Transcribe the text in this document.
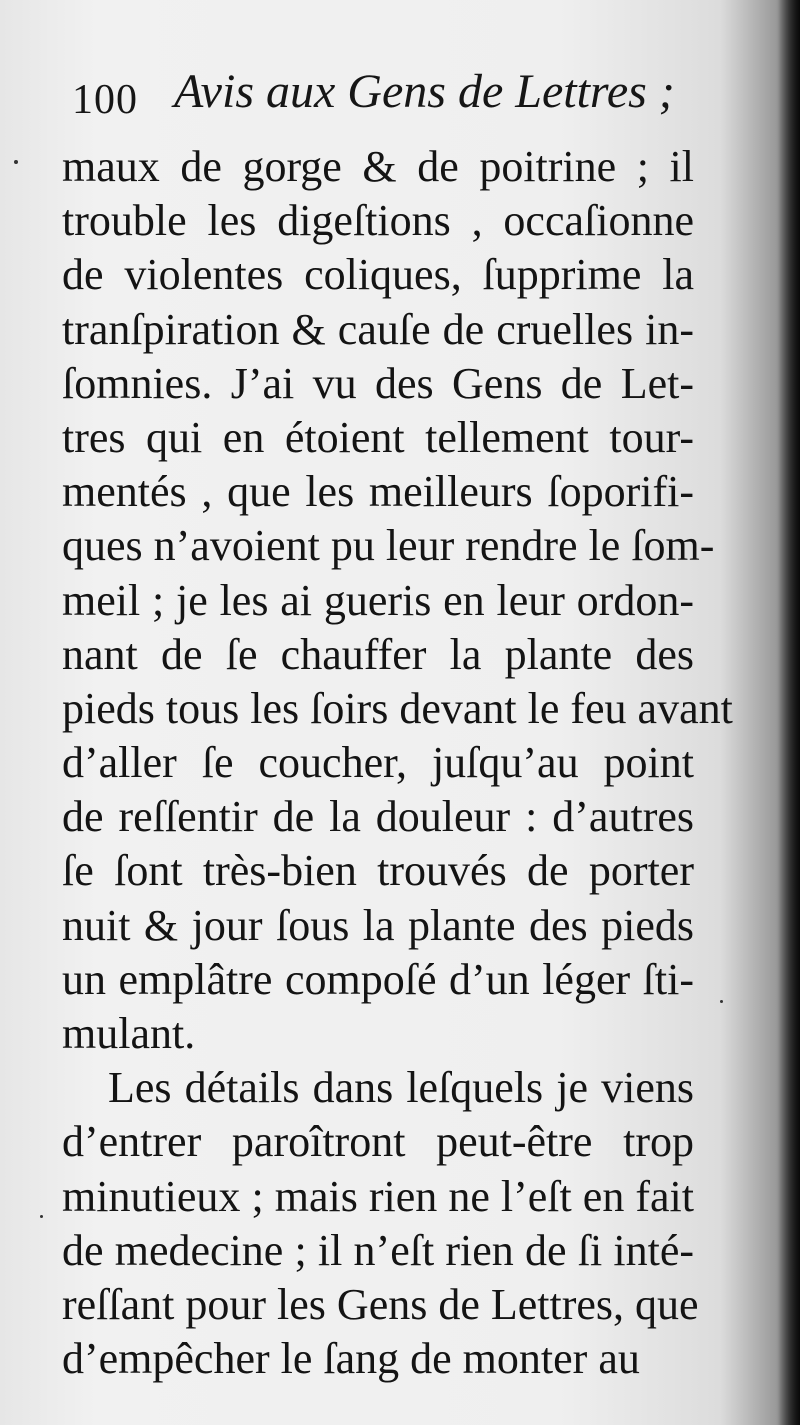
100 Avis aux Gens de Lettres ;
maux de gorge & de poitrine ; il
trouble les digeſtions , occaſionne
de violentes coliques, ſupprime la
tranſpiration & cauſe de cruelles in-
ſomnies. J’ai vu des Gens de Let-
tres qui en étoient tellement tour-
mentés , que les meilleurs ſoporifi-
ques n’avoient pu leur rendre le ſom-
meil ; je les ai gueris en leur ordon-
nant de ſe chauffer la plante des
pieds tous les ſoirs devant le feu avant
d’aller ſe coucher, juſqu’au point
de reſſentir de la douleur : d’autres
ſe ſont très-bien trouvés de porter
nuit & jour ſous la plante des pieds
un emplâtre compoſé d’un léger ſti-
mulant.
Les détails dans leſquels je viens
d’entrer paroîtront peut-être trop
minutieux ; mais rien ne l’eſt en fait
de medecine ; il n’eſt rien de ſi inté-
reſſant pour les Gens de Lettres, que
d’empêcher le ſang de monter au
